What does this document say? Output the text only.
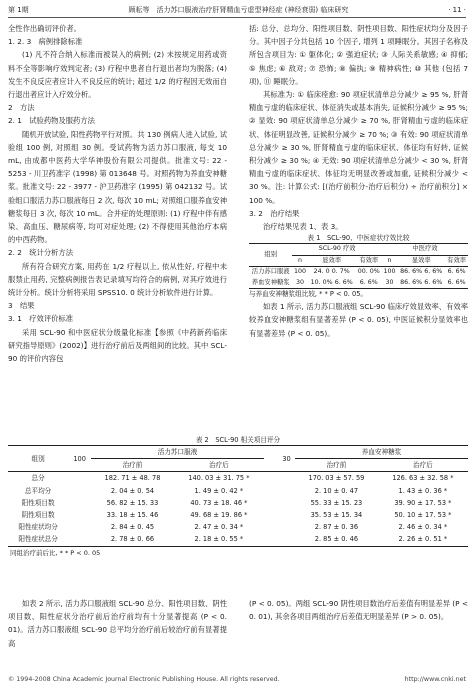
第 1期	顾耘等　活力苏口服液治疗肝肾精血亏虚型神经症 (神经衰弱) 临床研究	· 11 ·

全性作出确切评价者。

1. 2. 3　病例排除标准

(1) 凡不符合纳入标准而被误入的病例; (2) 未按规定用药或资料不全等影响疗效判定者; (3) 疗程中患者自行退出者均为脱落; (4) 发生不良反应者应计入不良反应的统计; 超过 1/2 的疗程因无效而自行退出者应计入疗效分析。

2　方法

2. 1　试验药物及服药方法

随机开放试验, 阳性药物平行对照。共 130 例病人进入试验, 试验组 100 例, 对照组 30 例。受试药物为活力苏口服液, 每支 10 mL, 由成都中医药大学华神股份有限公司提供。批准文号: 22 - 5253 - 川卫药准字 (1998) 第 013648 号。对照药物为养血安神糖浆。批准文号: 22 - 3977 - 沪卫药准字 (1995) 第 042132 号。试验组口服活力苏口服液每日 2 次, 每次 10 mL; 对照组口服养血安神糖浆每日 3 次, 每次 10 mL。合并症的处理原则: (1) 疗程中伴有感染、高血压、糖尿病等, 均可对症处理; (2) 不得使用其他治疗本病的中西药物。

2. 2　统计分析方法

所有符合研究方案, 用药在 1/2 疗程以上, 依从性好, 疗程中未服禁止用药, 完整病例报告表记录填写均符合的病例, 对其疗效进行统计分析。统计分析将采用 SPSS10. 0 统计分析软件进行计算。

3　结果

3. 1　疗效评价标准

采用 SCL-90 和中医症状分级量化标准【参照《中药新药临床研究指导原则》(2002)】进行治疗前后及两组间的比较。其中 SCL-90 的评价内容包

括: 总分、总均分、阳性项目数、阴性项目数、阳性症状均分及因子分。其中因子分共包括 10 个因子, 增列 1 项睡眠分。其因子名称及所包含项目为: ① 躯体化; ② 强迫症状; ③ 人际关系敏感; ④ 抑郁; ⑤ 焦虑; ⑥ 敌对; ⑦ 恐怖; ⑧ 偏执; ⑨ 精神病性; ⑩ 其他 (包括 7 项), ⑪ 睡眠分。

其标准为: ① 临床痊愈: 90 项症状清单总分减少 ≥ 95 %, 肝肾精血亏虚的临床症状、体征消失或基本消失, 证候积分减少 ≥ 95 %; ② 显效: 90 项症状清单总分减少 ≥ 70 %, 肝肾精血亏虚的临床症状、体征明显改善, 证候积分减少 ≥ 70 %; ③ 有效: 90 项症状清单总分减少 ≥ 30 %, 肝肾精血亏虚的临床症状、体征均有好转, 证候积分减少 ≥ 30 %; ④ 无效: 90 项症状清单总分减少 < 30 %, 肝肾精血亏虚的临床症状、体征均无明显改善或加重, 证候积分减少 < 30 %。注: 计算公式: [(治疗前积分-治疗后积分) ÷ 治疗前积分] × 100 %。

3. 2　治疗结果

治疗结果见表 1、表 3。

表 1　SCL-90、中医症状疗效比较

组别	SCL-90 疗效			中医疗效		
	n	显效率	有效率	n	显效率	有效率
活力苏口服液	100	24. 0 0. 7%	00. 0%	100	86. 6% 6. 6%	6. 6%
养血安神糖浆	30	10. 0% 6. 6%	6. 6%	30	86. 6% 6. 6%	6. 6%

与养血安神糖浆组比较, * * P < 0. 05。

如表 1 所示, 活力苏口服液组 SCL-90 临床疗效显效率、有效率较养血安神糖浆组有显著差异 (P < 0. 05), 中医证候积分显效率也有显著差异 (P < 0. 05)。

表 2　SCL-90 相关项目评分

组别	100	活力苏口服液			30	养血安神糖浆	
		治疗前	治疗后			治疗前	治疗后
总分		182. 71 ± 48. 78	140. 03 ± 31. 75 *			170. 03 ± 57. 59	126. 63 ± 32. 58 *
总平均分		2. 04 ± 0. 54	1. 49 ± 0. 42 *			2. 10 ± 0. 47	1. 43 ± 0. 36 *
阳性项目数		56. 82 ± 15. 33	40. 73 ± 18. 46 *			55. 33 ± 15. 23	39. 90 ± 17. 53 *
阴性项目数		33. 18 ± 15. 46	49. 68 ± 19. 86 *			35. 53 ± 15. 34	50. 10 ± 17. 53 *
阳性症状均分		2. 84 ± 0. 45	2. 47 ± 0. 34 *			2. 87 ± 0. 36	2. 46 ± 0. 34 *
阳性症状总分		2. 78 ± 0. 66	2. 18 ± 0. 55 *			2. 85 ± 0. 46	2. 26 ± 0. 51 *

同组治疗前后比, * * P < 0. 05

如表 2 所示, 活力苏口服液组 SCL-90 总分、阳性项目数、阴性项目数、阳性症状分治疗前后治疗前均有十分显著提高 (P < 0. 01)。活力苏口服液组 SCL-90 总平均分治疗前后较治疗前有显著提高

(P < 0. 05)。两组 SCL-90 阴性项目数治疗后差值有明显差异 (P < 0. 01), 其余各项目两组治疗后差值无明显差异 (P > 0. 05)。

© 1994-2008 China Academic Journal Electronic Publishing House. All rights reserved.	http://www.cnki.net
